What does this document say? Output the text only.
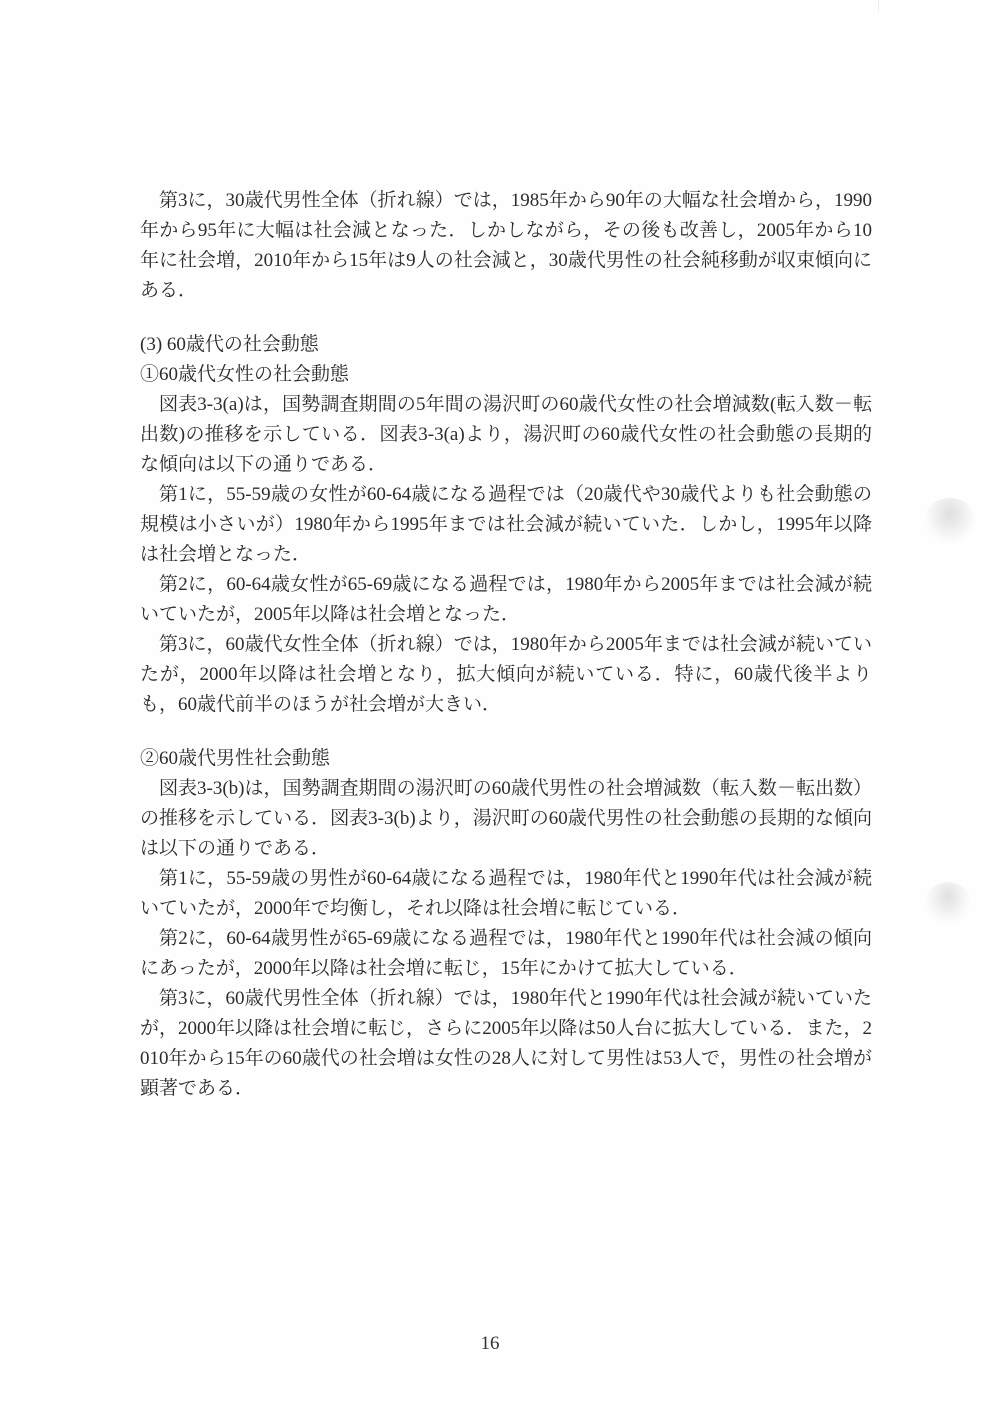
第3に，30歳代男性全体（折れ線）では，1985年から90年の大幅な社会増から，1990年から95年に大幅は社会減となった．しかしながら，その後も改善し，2005年から10年に社会増，2010年から15年は9人の社会減と，30歳代男性の社会純移動が収束傾向にある．

(3) 60歳代の社会動態
①60歳代女性の社会動態

図表3-3(a)は，国勢調査期間の5年間の湯沢町の60歳代女性の社会増減数(転入数－転出数)の推移を示している．図表3-3(a)より，湯沢町の60歳代女性の社会動態の長期的な傾向は以下の通りである．

第1に，55-59歳の女性が60-64歳になる過程では（20歳代や30歳代よりも社会動態の規模は小さいが）1980年から1995年までは社会減が続いていた．しかし，1995年以降は社会増となった．

第2に，60-64歳女性が65-69歳になる過程では，1980年から2005年までは社会減が続いていたが，2005年以降は社会増となった．

第3に，60歳代女性全体（折れ線）では，1980年から2005年までは社会減が続いていたが，2000年以降は社会増となり，拡大傾向が続いている．特に，60歳代後半よりも，60歳代前半のほうが社会増が大きい．

②60歳代男性社会動態

図表3-3(b)は，国勢調査期間の湯沢町の60歳代男性の社会増減数（転入数－転出数）の推移を示している．図表3-3(b)より，湯沢町の60歳代男性の社会動態の長期的な傾向は以下の通りである．

第1に，55-59歳の男性が60-64歳になる過程では，1980年代と1990年代は社会減が続いていたが，2000年で均衡し，それ以降は社会増に転じている．

第2に，60-64歳男性が65-69歳になる過程では，1980年代と1990年代は社会減の傾向にあったが，2000年以降は社会増に転じ，15年にかけて拡大している．

第3に，60歳代男性全体（折れ線）では，1980年代と1990年代は社会減が続いていたが，2000年以降は社会増に転じ，さらに2005年以降は50人台に拡大している．また，2010年から15年の60歳代の社会増は女性の28人に対して男性は53人で，男性の社会増が顕著である．

16
